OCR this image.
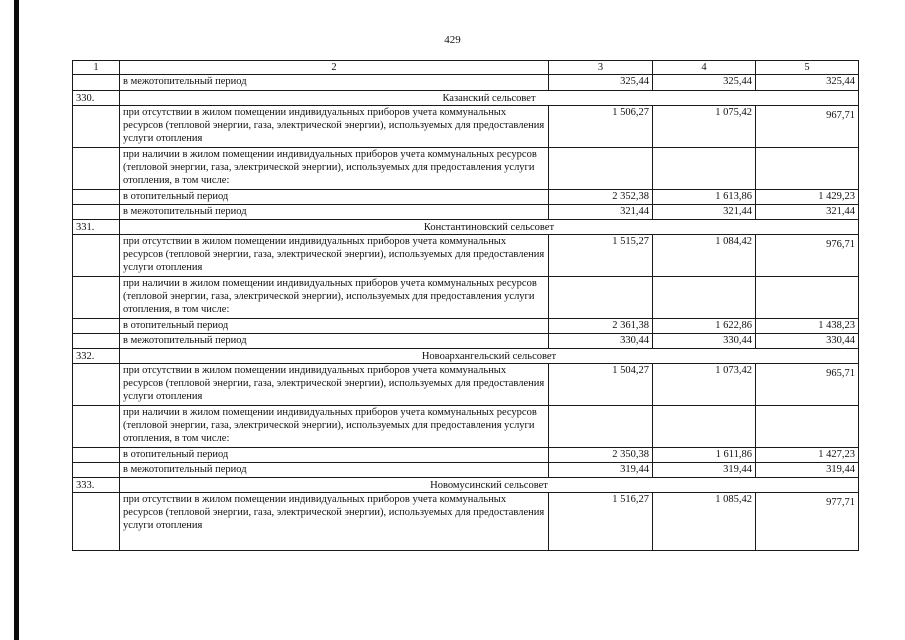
429
1	2	3	4	5
	в межотопительный период	325,44	325,44	325,44
330.	Казанский сельсовет			
	при отсутствии в жилом помещении индивидуальных приборов учета коммунальных ресурсов (тепловой энергии, газа, электрической энергии), используемых для предоставления услуги отопления	1 506,27	1 075,42	967,71
	при наличии в жилом помещении индивидуальных приборов учета коммунальных ресурсов (тепловой энергии, газа, электрической энергии), используемых для предоставления услуги отопления, в том числе:			
	в отопительный период	2 352,38	1 613,86	1 429,23
	в межотопительный период	321,44	321,44	321,44
331.	Константиновский сельсовет			
	при отсутствии в жилом помещении индивидуальных приборов учета коммунальных ресурсов (тепловой энергии, газа, электрической энергии), используемых для предоставления услуги отопления	1 515,27	1 084,42	976,71
	при наличии в жилом помещении индивидуальных приборов учета коммунальных ресурсов (тепловой энергии, газа, электрической энергии), используемых для предоставления услуги отопления, в том числе:			
	в отопительный период	2 361,38	1 622,86	1 438,23
	в межотопительный период	330,44	330,44	330,44
332.	Новоархангельский сельсовет			
	при отсутствии в жилом помещении индивидуальных приборов учета коммунальных ресурсов (тепловой энергии, газа, электрической энергии), используемых для предоставления услуги отопления	1 504,27	1 073,42	965,71
	при наличии в жилом помещении индивидуальных приборов учета коммунальных ресурсов (тепловой энергии, газа, электрической энергии), используемых для предоставления услуги отопления, в том числе:			
	в отопительный период	2 350,38	1 611,86	1 427,23
	в межотопительный период	319,44	319,44	319,44
333.	Новомусинский сельсовет			
	при отсутствии в жилом помещении индивидуальных приборов учета коммунальных ресурсов (тепловой энергии, газа, электрической энергии), используемых для предоставления услуги отопления	1 516,27	1 085,42	977,71
